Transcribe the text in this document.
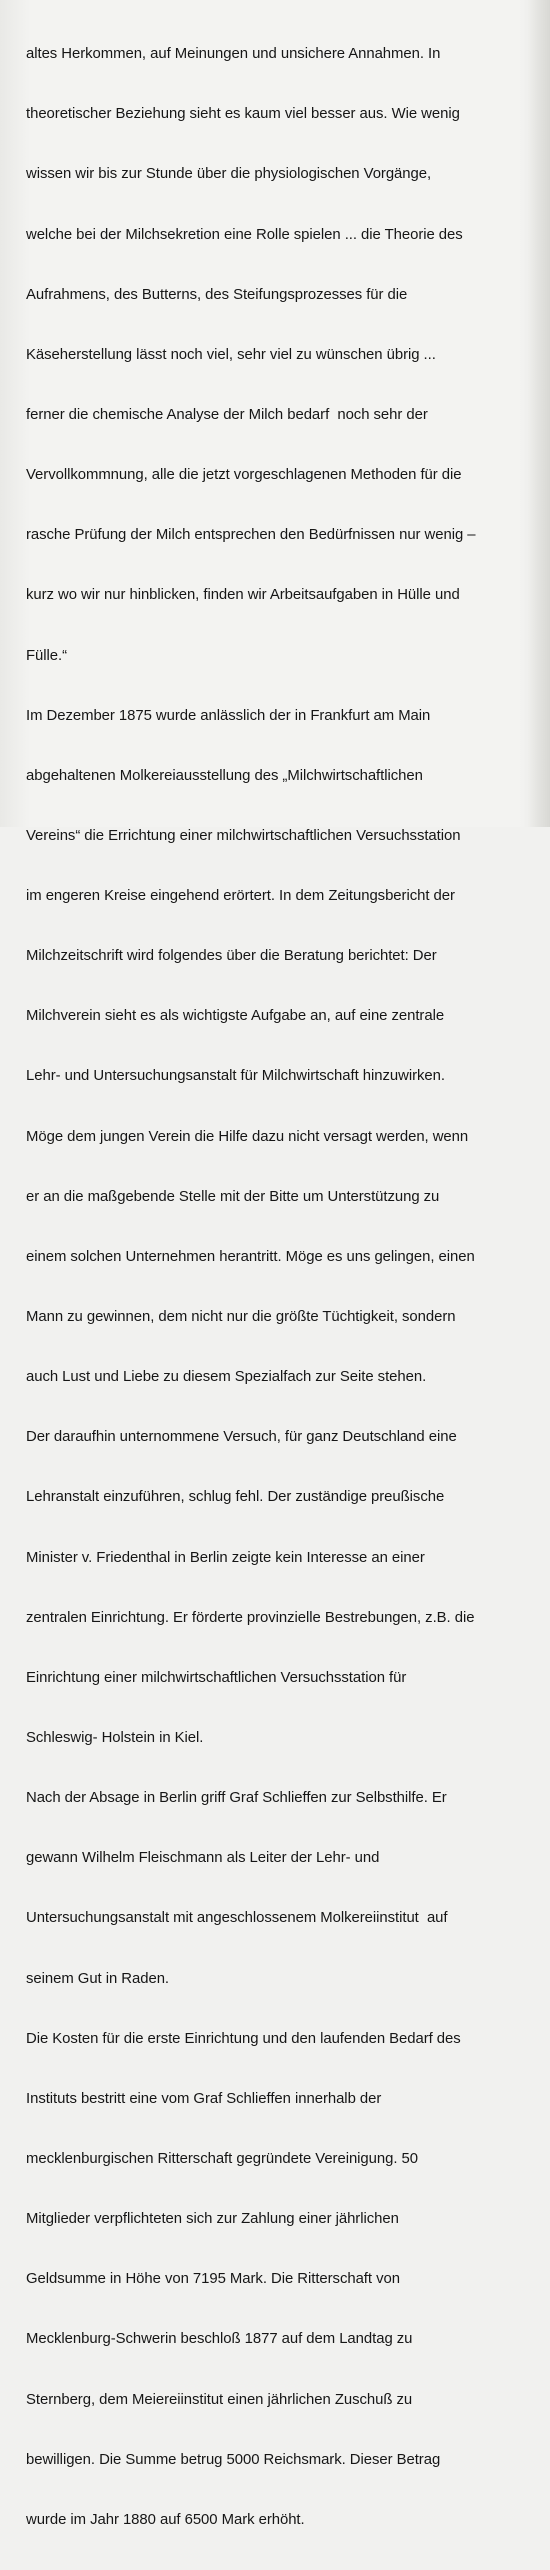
altes Herkommen, auf Meinungen und unsichere Annahmen. In

theoretischer Beziehung sieht es kaum viel besser aus. Wie wenig

wissen wir bis zur Stunde über die physiologischen Vorgänge,

welche bei der Milchsekretion eine Rolle spielen ... die Theorie des

Aufrahmens, des Butterns, des Steifungsprozesses für die

Käseherstellung lässt noch viel, sehr viel zu wünschen übrig ...

ferner die chemische Analyse der Milch bedarf  noch sehr der

Vervollkommnung, alle die jetzt vorgeschlagenen Methoden für die

rasche Prüfung der Milch entsprechen den Bedürfnissen nur wenig –

kurz wo wir nur hinblicken, finden wir Arbeitsaufgaben in Hülle und

Fülle.“

Im Dezember 1875 wurde anlässlich der in Frankfurt am Main

abgehaltenen Molkereiausstellung des „Milchwirtschaftlichen

Vereins“ die Errichtung einer milchwirtschaftlichen Versuchsstation

im engeren Kreise eingehend erörtert. In dem Zeitungsbericht der

Milchzeitschrift wird folgendes über die Beratung berichtet: Der

Milchverein sieht es als wichtigste Aufgabe an, auf eine zentrale

Lehr- und Untersuchungsanstalt für Milchwirtschaft hinzuwirken.

Möge dem jungen Verein die Hilfe dazu nicht versagt werden, wenn

er an die maßgebende Stelle mit der Bitte um Unterstützung zu

einem solchen Unternehmen herantritt. Möge es uns gelingen, einen

Mann zu gewinnen, dem nicht nur die größte Tüchtigkeit, sondern

auch Lust und Liebe zu diesem Spezialfach zur Seite stehen.

Der daraufhin unternommene Versuch, für ganz Deutschland eine

Lehranstalt einzuführen, schlug fehl. Der zuständige preußische

Minister v. Friedenthal in Berlin zeigte kein Interesse an einer

zentralen Einrichtung. Er förderte provinzielle Bestrebungen, z.B. die

Einrichtung einer milchwirtschaftlichen Versuchsstation für

Schleswig- Holstein in Kiel.

Nach der Absage in Berlin griff Graf Schlieffen zur Selbsthilfe. Er

gewann Wilhelm Fleischmann als Leiter der Lehr- und

Untersuchungsanstalt mit angeschlossenem Molkereiinstitut  auf

seinem Gut in Raden.

Die Kosten für die erste Einrichtung und den laufenden Bedarf des

Instituts bestritt eine vom Graf Schlieffen innerhalb der

mecklenburgischen Ritterschaft gegründete Vereinigung. 50

Mitglieder verpflichteten sich zur Zahlung einer jährlichen

Geldsumme in Höhe von 7195 Mark. Die Ritterschaft von

Mecklenburg-Schwerin beschloß 1877 auf dem Landtag zu

Sternberg, dem Meiereiinstitut einen jährlichen Zuschuß zu

bewilligen. Die Summe betrug 5000 Reichsmark. Dieser Betrag

wurde im Jahr 1880 auf 6500 Mark erhöht.
